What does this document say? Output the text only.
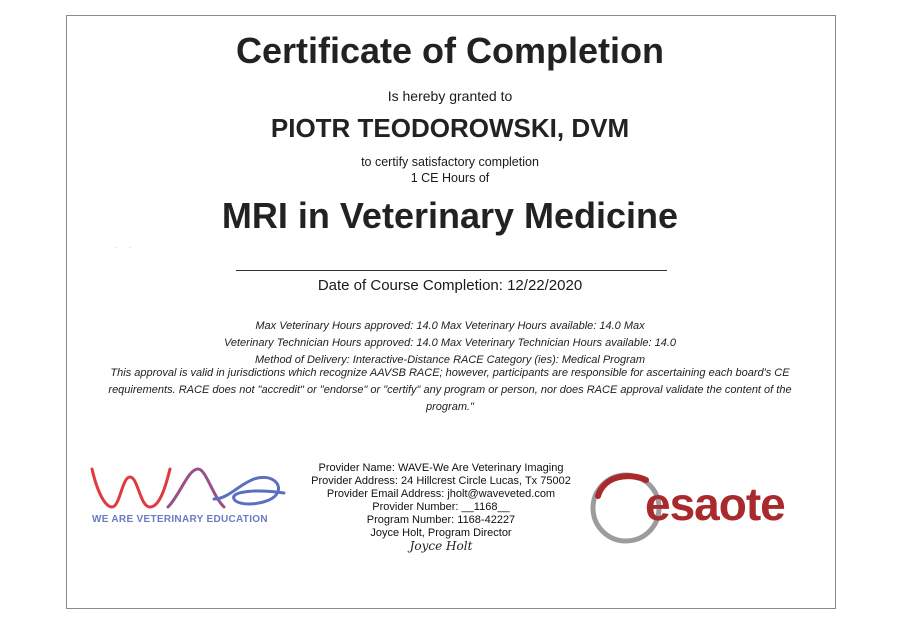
Certificate of Completion
Is hereby granted to
PIOTR TEODOROWSKI, DVM
to certify satisfactory completion
1 CE Hours of
MRI in Veterinary Medicine
·     ·
Date of Course Completion: 12/22/2020
Max Veterinary Hours approved: 14.0 Max Veterinary Hours available: 14.0 Max
Veterinary Technician Hours approved: 14.0 Max Veterinary Technician Hours available: 14.0
Method of Delivery: Interactive-Distance RACE Category (ies): Medical Program
This approval is valid in jurisdictions which recognize AAVSB RACE; however, participants are responsible for ascertaining each board's CE
requirements. RACE does not "accredit" or "endorse" or "certify" any program or person, nor does RACE approval validate the content of the
program."
WE ARE VETERINARY EDUCATION
Provider Name: WAVE-We Are Veterinary Imaging
Provider Address: 24 Hillcrest Circle Lucas, Tx 75002
Provider Email Address: jholt@waveveted.com
Provider Number: __1168__
Program Number: 1168-42227
Joyce Holt, Program Director
Joyce Holt
esaote
